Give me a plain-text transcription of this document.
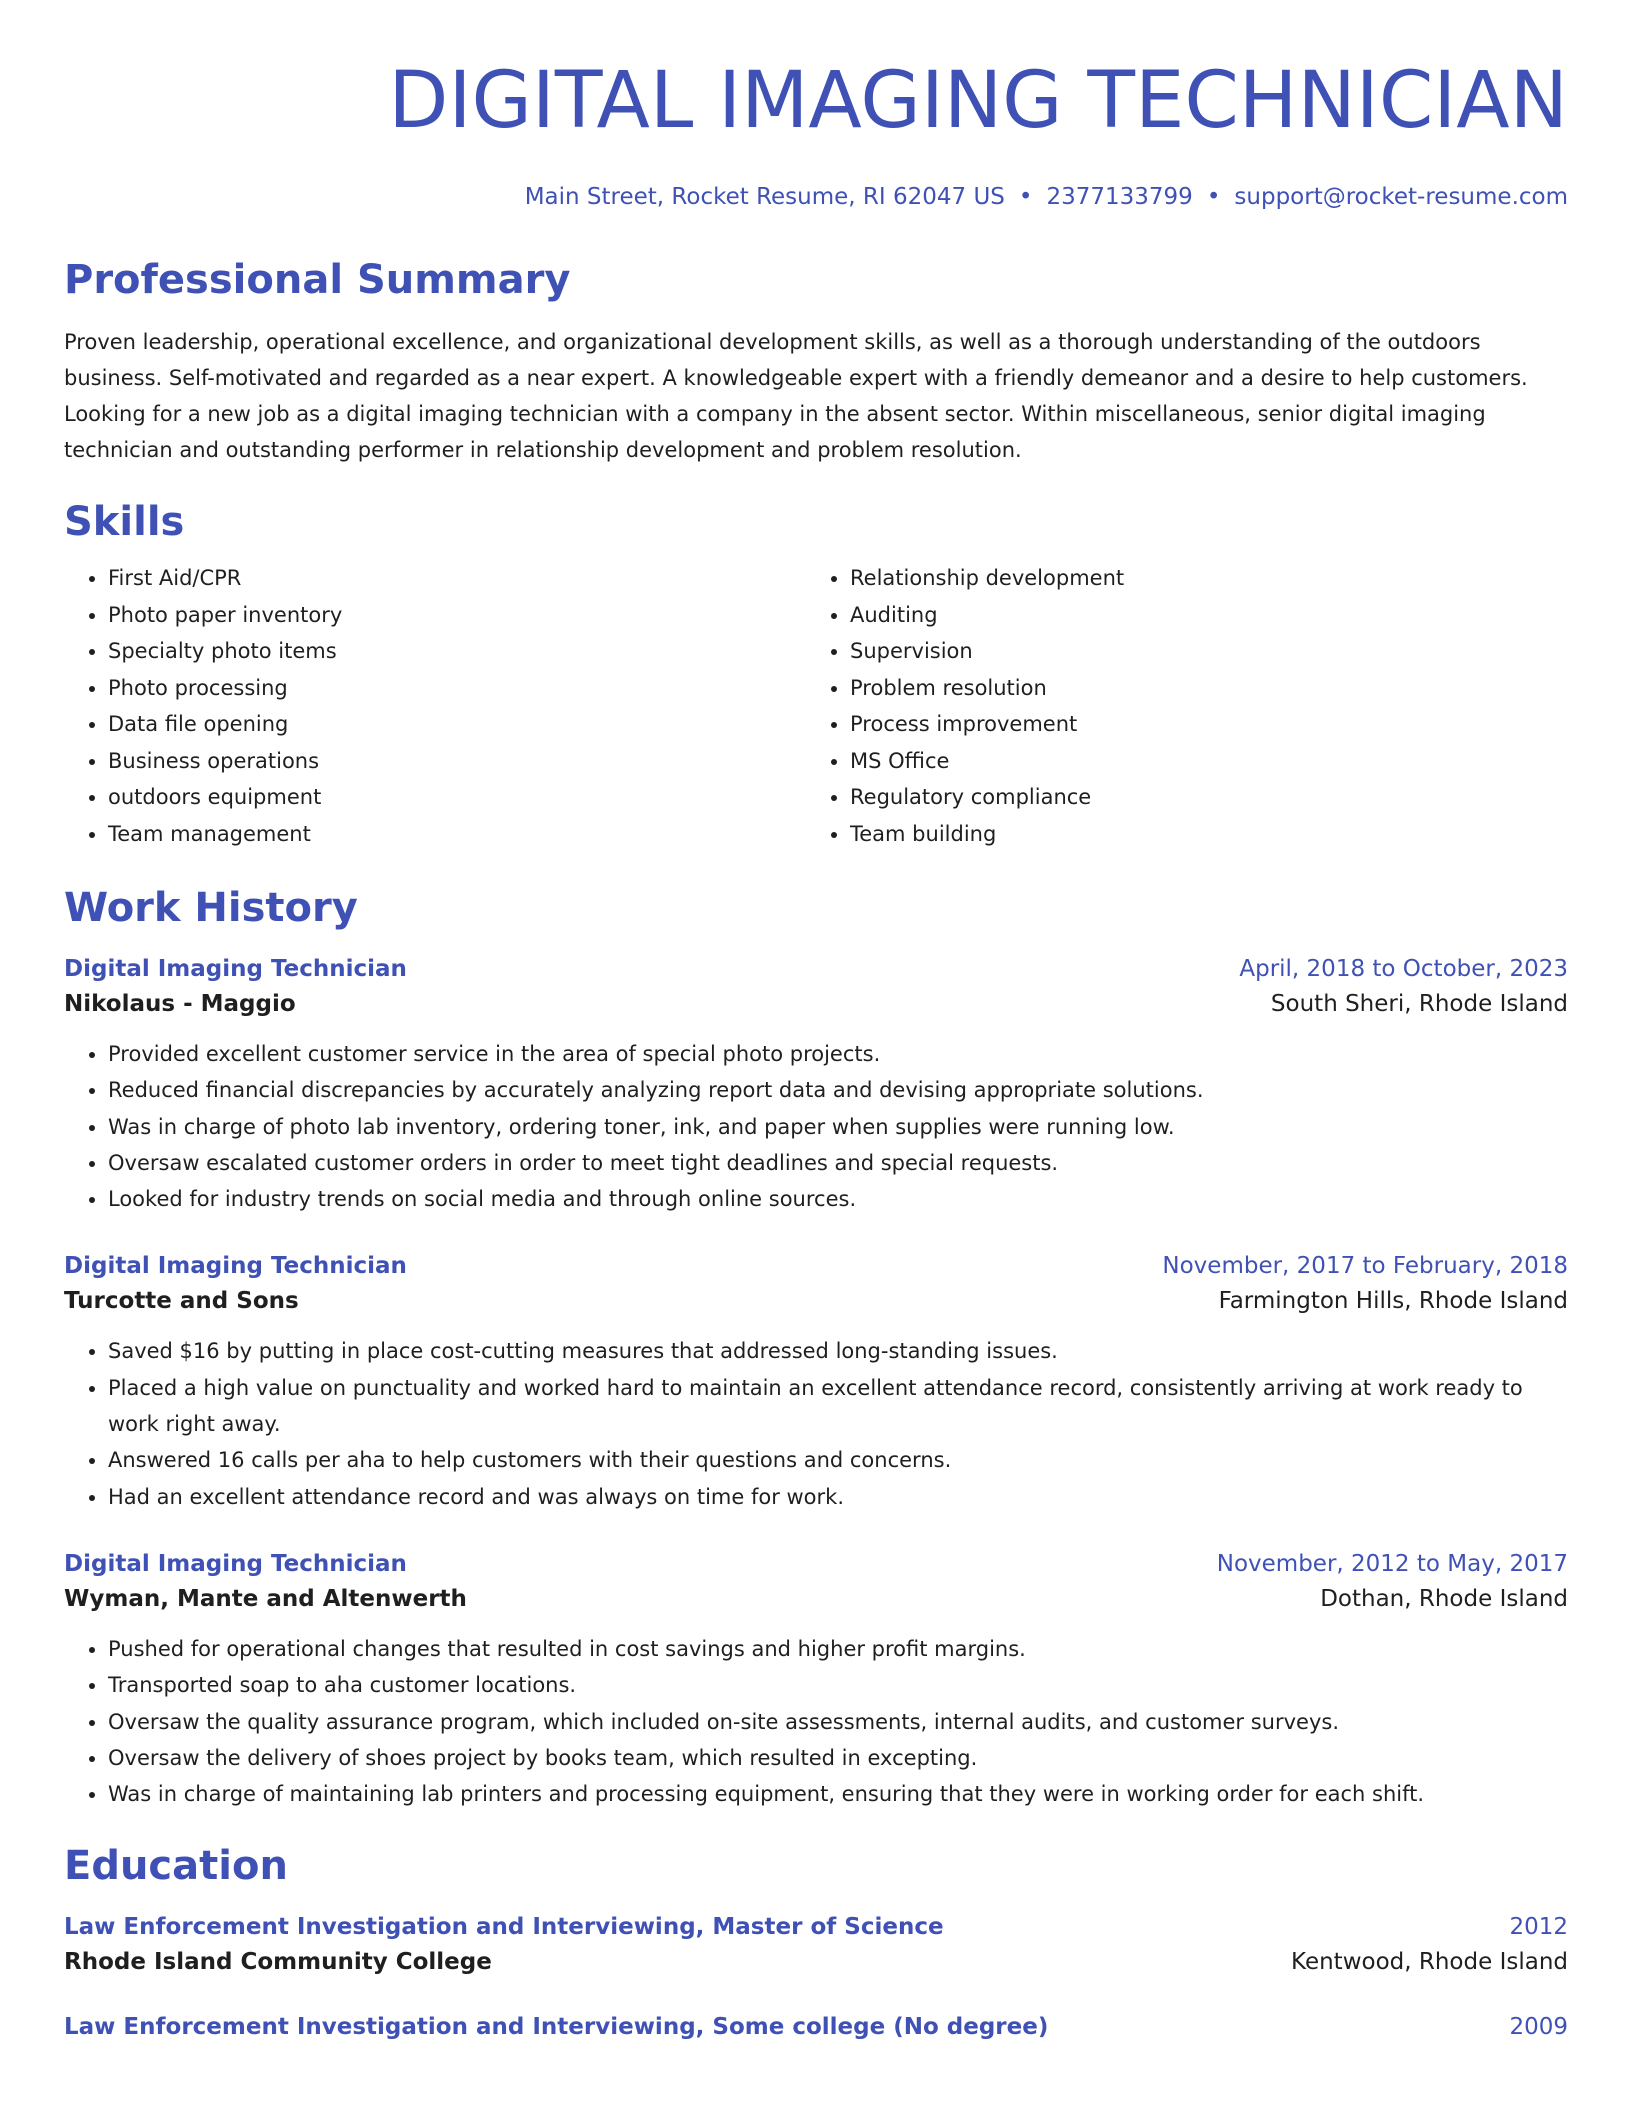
DIGITAL IMAGING TECHNICIAN
Main Street, Rocket Resume, RI 62047 US • 2377133799 • support@rocket-resume.com
Professional Summary
Proven leadership, operational excellence, and organizational development skills, as well as a thorough understanding of the outdoors business. Self-motivated and regarded as a near expert. A knowledgeable expert with a friendly demeanor and a desire to help customers. Looking for a new job as a digital imaging technician with a company in the absent sector. Within miscellaneous, senior digital imaging technician and outstanding performer in relationship development and problem resolution.
Skills
• First Aid/CPR
• Photo paper inventory
• Specialty photo items
• Photo processing
• Data file opening
• Business operations
• outdoors equipment
• Team management
• Relationship development
• Auditing
• Supervision
• Problem resolution
• Process improvement
• MS Office
• Regulatory compliance
• Team building
Work History
Digital Imaging Technician	April, 2018 to October, 2023
Nikolaus - Maggio	South Sheri, Rhode Island
• Provided excellent customer service in the area of special photo projects.
• Reduced financial discrepancies by accurately analyzing report data and devising appropriate solutions.
• Was in charge of photo lab inventory, ordering toner, ink, and paper when supplies were running low.
• Oversaw escalated customer orders in order to meet tight deadlines and special requests.
• Looked for industry trends on social media and through online sources.
Digital Imaging Technician	November, 2017 to February, 2018
Turcotte and Sons	Farmington Hills, Rhode Island
• Saved $16 by putting in place cost-cutting measures that addressed long-standing issues.
• Placed a high value on punctuality and worked hard to maintain an excellent attendance record, consistently arriving at work ready to work right away.
• Answered 16 calls per aha to help customers with their questions and concerns.
• Had an excellent attendance record and was always on time for work.
Digital Imaging Technician	November, 2012 to May, 2017
Wyman, Mante and Altenwerth	Dothan, Rhode Island
• Pushed for operational changes that resulted in cost savings and higher profit margins.
• Transported soap to aha customer locations.
• Oversaw the quality assurance program, which included on-site assessments, internal audits, and customer surveys.
• Oversaw the delivery of shoes project by books team, which resulted in excepting.
• Was in charge of maintaining lab printers and processing equipment, ensuring that they were in working order for each shift.
Education
Law Enforcement Investigation and Interviewing, Master of Science	2012
Rhode Island Community College	Kentwood, Rhode Island
Law Enforcement Investigation and Interviewing, Some college (No degree)	2009
